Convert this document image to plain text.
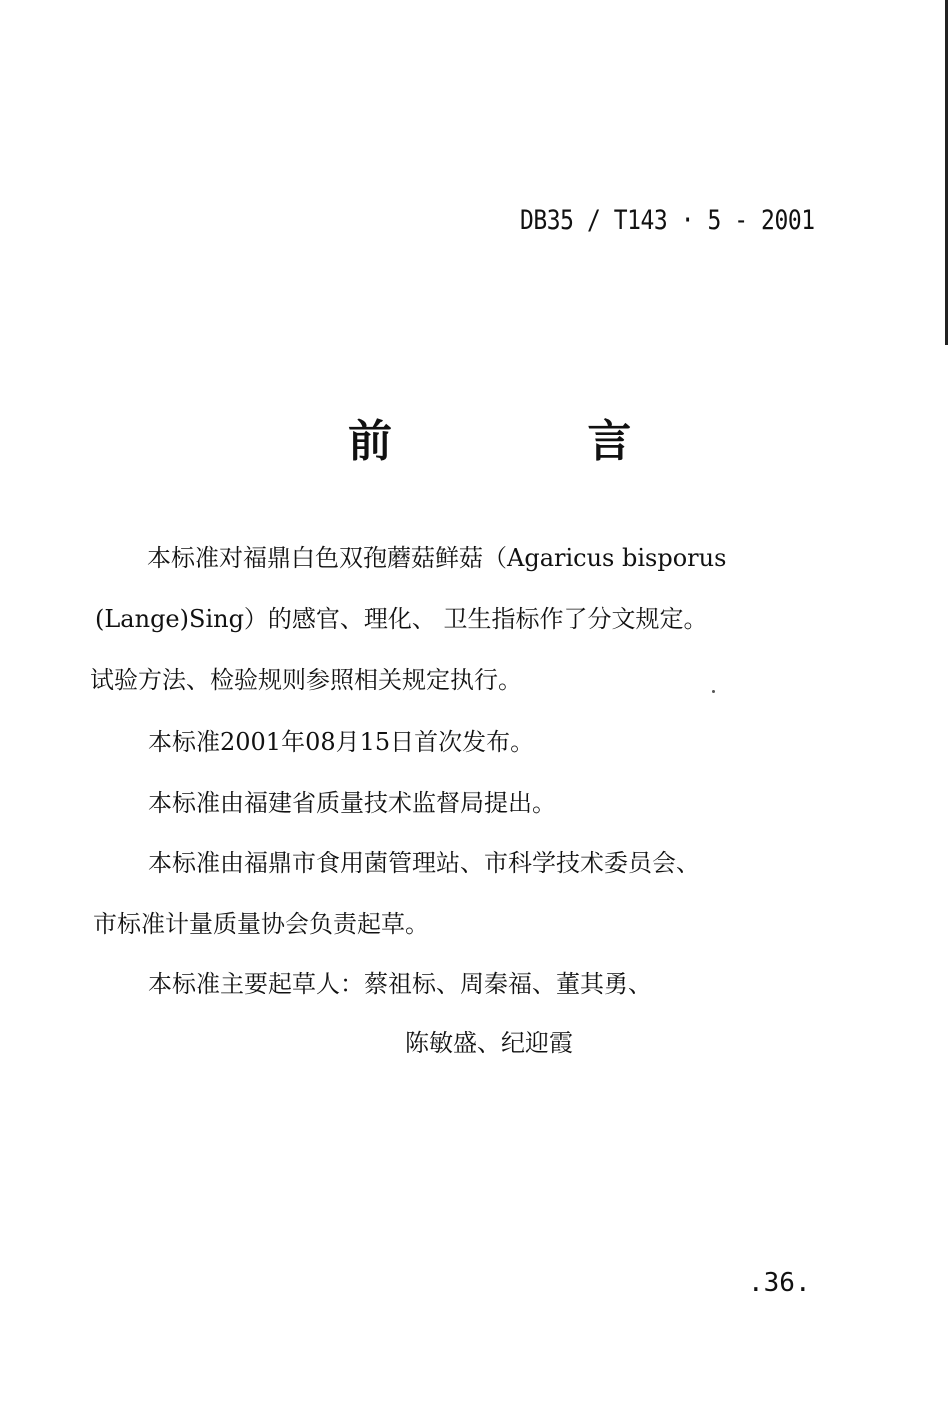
DB35 / T143 · 5 - 2001
前 言
本标准对福鼎白色双孢蘑菇鲜菇（Agaricus bisporus
(Lange)Sing）的感官、理化、 卫生指标作了分文规定。
试验方法、检验规则参照相关规定执行。
本标准2001年08月15日首次发布。
本标准由福建省质量技术监督局提出。
本标准由福鼎市食用菌管理站、市科学技术委员会、
市标准计量质量协会负责起草。
本标准主要起草人：蔡祖标、周秦福、董其勇、
陈敏盛、纪迎霞
.36.
